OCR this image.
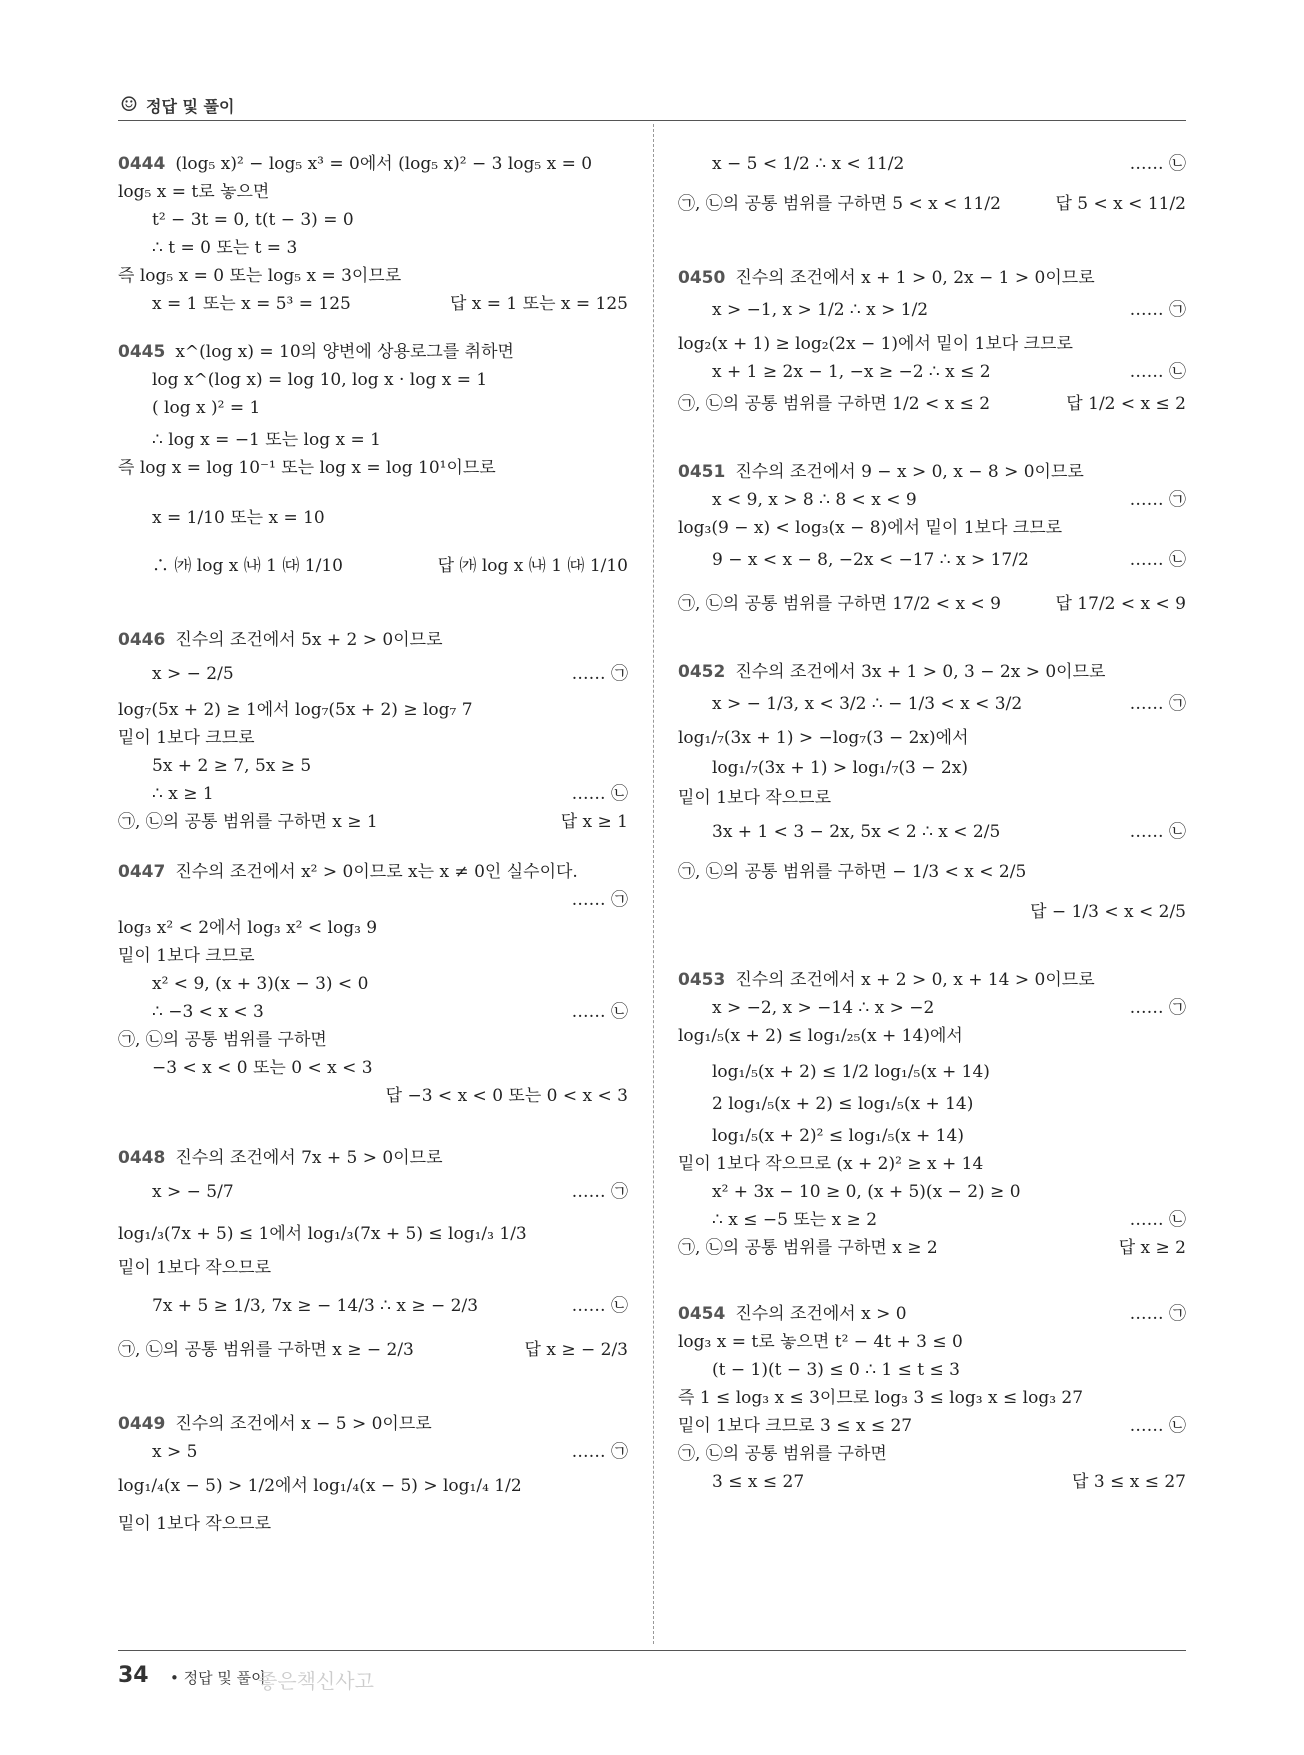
☺ 정답 및 풀이
0444 (log₅ x)² − log₅ x³ = 0에서 (log₅ x)² − 3 log₅ x = 0
log₅ x = t로 놓으면
t² − 3t = 0, t(t − 3) = 0
∴ t = 0 또는 t = 3
즉 log₅ x = 0 또는 log₅ x = 3이므로
x = 1 또는 x = 5³ = 125	답 x = 1 또는 x = 125
0445 x^(log x) = 10의 양변에 상용로그를 취하면
log x^(log x) = log 10, log x · log x = 1
( log x )² = 1
∴ log x = −1 또는 log x = 1
즉 log x = log 10⁻¹ 또는 log x = log 10¹이므로
x = 1/10 또는 x = 10
∴ ㈎ log x ㈏ 1 ㈐ 1/10	답 ㈎ log x ㈏ 1 ㈐ 1/10
0446 진수의 조건에서 5x + 2 > 0이므로
x > − 2/5	…… ㉠
log₇(5x + 2) ≥ 1에서 log₇(5x + 2) ≥ log₇ 7
밑이 1보다 크므로
5x + 2 ≥ 7, 5x ≥ 5
∴ x ≥ 1	…… ㉡
㉠, ㉡의 공통 범위를 구하면 x ≥ 1	답 x ≥ 1
0447 진수의 조건에서 x² > 0이므로 x는 x ≠ 0인 실수이다.
…… ㉠
log₃ x² < 2에서 log₃ x² < log₃ 9
밑이 1보다 크므로
x² < 9, (x + 3)(x − 3) < 0
∴ −3 < x < 3	…… ㉡
㉠, ㉡의 공통 범위를 구하면
−3 < x < 0 또는 0 < x < 3
답 −3 < x < 0 또는 0 < x < 3
0448 진수의 조건에서 7x + 5 > 0이므로
x > − 5/7	…… ㉠
log₁/₃(7x + 5) ≤ 1에서 log₁/₃(7x + 5) ≤ log₁/₃ 1/3
밑이 1보다 작으므로
7x + 5 ≥ 1/3, 7x ≥ − 14/3 ∴ x ≥ − 2/3	…… ㉡
㉠, ㉡의 공통 범위를 구하면 x ≥ − 2/3	답 x ≥ − 2/3
0449 진수의 조건에서 x − 5 > 0이므로
x > 5	…… ㉠
log₁/₄(x − 5) > 1/2에서 log₁/₄(x − 5) > log₁/₄ 1/2
밑이 1보다 작으므로
x − 5 < 1/2 ∴ x < 11/2	…… ㉡
㉠, ㉡의 공통 범위를 구하면 5 < x < 11/2	답 5 < x < 11/2
0450 진수의 조건에서 x + 1 > 0, 2x − 1 > 0이므로
x > −1, x > 1/2 ∴ x > 1/2	…… ㉠
log₂(x + 1) ≥ log₂(2x − 1)에서 밑이 1보다 크므로
x + 1 ≥ 2x − 1, −x ≥ −2 ∴ x ≤ 2	…… ㉡
㉠, ㉡의 공통 범위를 구하면 1/2 < x ≤ 2	답 1/2 < x ≤ 2
0451 진수의 조건에서 9 − x > 0, x − 8 > 0이므로
x < 9, x > 8 ∴ 8 < x < 9	…… ㉠
log₃(9 − x) < log₃(x − 8)에서 밑이 1보다 크므로
9 − x < x − 8, −2x < −17 ∴ x > 17/2	…… ㉡
㉠, ㉡의 공통 범위를 구하면 17/2 < x < 9	답 17/2 < x < 9
0452 진수의 조건에서 3x + 1 > 0, 3 − 2x > 0이므로
x > − 1/3, x < 3/2 ∴ − 1/3 < x < 3/2	…… ㉠
log₁/₇(3x + 1) > −log₇(3 − 2x)에서
log₁/₇(3x + 1) > log₁/₇(3 − 2x)
밑이 1보다 작으므로
3x + 1 < 3 − 2x, 5x < 2 ∴ x < 2/5	…… ㉡
㉠, ㉡의 공통 범위를 구하면 − 1/3 < x < 2/5
답 − 1/3 < x < 2/5
0453 진수의 조건에서 x + 2 > 0, x + 14 > 0이므로
x > −2, x > −14 ∴ x > −2	…… ㉠
log₁/₅(x + 2) ≤ log₁/₂₅(x + 14)에서
log₁/₅(x + 2) ≤ 1/2 log₁/₅(x + 14)
2 log₁/₅(x + 2) ≤ log₁/₅(x + 14)
log₁/₅(x + 2)² ≤ log₁/₅(x + 14)
밑이 1보다 작으므로 (x + 2)² ≥ x + 14
x² + 3x − 10 ≥ 0, (x + 5)(x − 2) ≥ 0
∴ x ≤ −5 또는 x ≥ 2	…… ㉡
㉠, ㉡의 공통 범위를 구하면 x ≥ 2	답 x ≥ 2
0454 진수의 조건에서 x > 0	…… ㉠
log₃ x = t로 놓으면 t² − 4t + 3 ≤ 0
(t − 1)(t − 3) ≤ 0 ∴ 1 ≤ t ≤ 3
즉 1 ≤ log₃ x ≤ 3이므로 log₃ 3 ≤ log₃ x ≤ log₃ 27
밑이 1보다 크므로 3 ≤ x ≤ 27	…… ㉡
㉠, ㉡의 공통 범위를 구하면
3 ≤ x ≤ 27	답 3 ≤ x ≤ 27
34 • 정답 및 풀이
좋은책신사고
